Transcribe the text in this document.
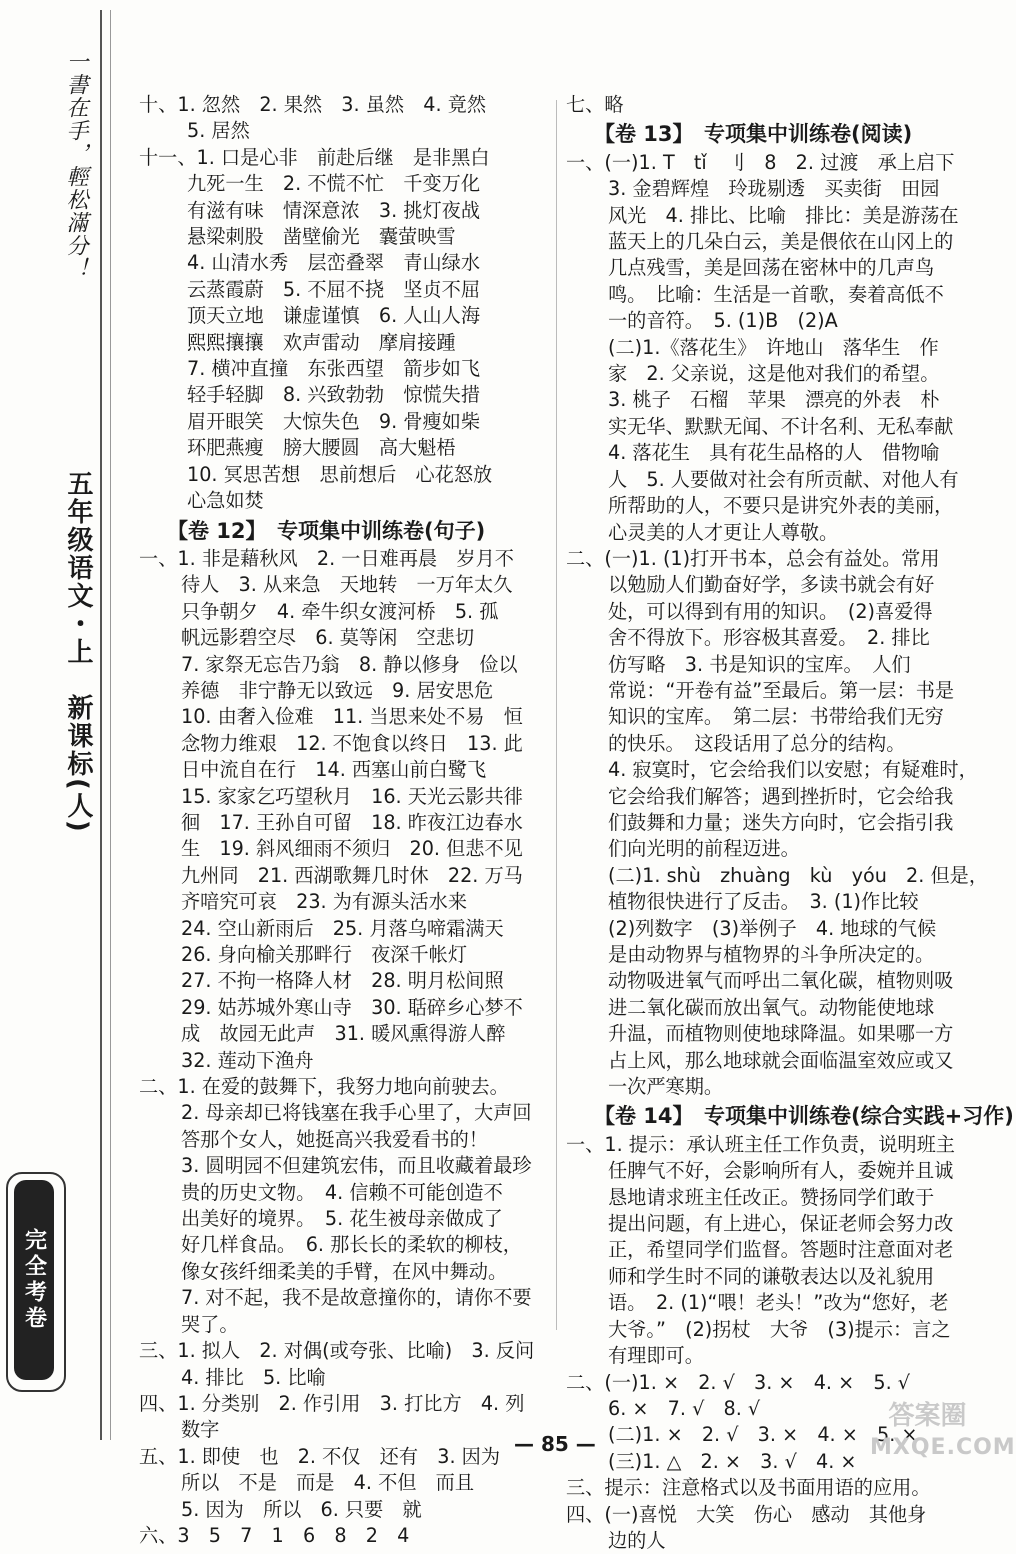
一書在手，輕松滿分！
五年级语文・上　新课标(人)
完全考卷
十、1. 忽然　2. 果然　3. 虽然　4. 竟然
5. 居然
十一、1. 口是心非　前赴后继　是非黑白
九死一生　2. 不慌不忙　千变万化
有滋有味　情深意浓　3. 挑灯夜战
悬梁刺股　凿壁偷光　囊萤映雪
4. 山清水秀　层峦叠翠　青山绿水
云蒸霞蔚　5. 不屈不挠　坚贞不屈
顶天立地　谦虚谨慎　6. 人山人海
熙熙攘攘　欢声雷动　摩肩接踵
7. 横冲直撞　东张西望　箭步如飞
轻手轻脚　8. 兴致勃勃　惊慌失措
眉开眼笑　大惊失色　9. 骨瘦如柴
环肥燕瘦　膀大腰圆　高大魁梧
10. 冥思苦想　思前想后　心花怒放
心急如焚
【卷 12】　专项集中训练卷(句子)
一、1. 非是藉秋风　2. 一日难再晨　岁月不
待人　3. 从来急　天地转　一万年太久
只争朝夕　4. 牵牛织女渡河桥　5. 孤
帆远影碧空尽　6. 莫等闲　空悲切
7. 家祭无忘告乃翁　8. 静以修身　俭以
养德　非宁静无以致远　9. 居安思危
10. 由奢入俭难　11. 当思来处不易　恒
念物力维艰　12. 不饱食以终日　13. 此
日中流自在行　14. 西塞山前白鹭飞
15. 家家乞巧望秋月　16. 天光云影共徘
徊　17. 王孙自可留　18. 昨夜江边春水
生　19. 斜风细雨不须归　20. 但悲不见
九州同　21. 西湖歌舞几时休　22. 万马
齐喑究可哀　23. 为有源头活水来
24. 空山新雨后　25. 月落乌啼霜满天
26. 身向榆关那畔行　夜深千帐灯
27. 不拘一格降人材　28. 明月松间照
29. 姑苏城外寒山寺　30. 聒碎乡心梦不
成　故园无此声　31. 暖风熏得游人醉
32. 莲动下渔舟
二、1. 在爱的鼓舞下，我努力地向前驶去。
2. 母亲却已将钱塞在我手心里了，大声回
答那个女人，她挺高兴我爱看书的！
3. 圆明园不但建筑宏伟，而且收藏着最珍
贵的历史文物。　4. 信赖不可能创造不
出美好的境界。　5. 花生被母亲做成了
好几样食品。　6. 那长长的柔软的柳枝，
像女孩纤细柔美的手臂，在风中舞动。
7. 对不起，我不是故意撞你的，请你不要
哭了。
三、1. 拟人　2. 对偶(或夸张、比喻)　3. 反问
4. 排比　5. 比喻
四、1. 分类别　2. 作引用　3. 打比方　4. 列
数字
五、1. 即使　也　2. 不仅　还有　3. 因为
所以　不是　而是　4. 不但　而且
5. 因为　所以　6. 只要　就
六、3　5　7　1　6　8　2　4
七、略
【卷 13】　专项集中训练卷(阅读)
一、(一)1. T　tǐ　刂　8　2. 过渡　承上启下
3. 金碧辉煌　玲珑剔透　买卖街　田园
风光　4. 排比、比喻　排比：美是游荡在
蓝天上的几朵白云，美是偎依在山冈上的
几点残雪，美是回荡在密林中的几声鸟
鸣。　比喻：生活是一首歌，奏着高低不
一的音符。　5. (1)B　(2)A
(二)1.《落花生》　许地山　落华生　作
家　2. 父亲说，这是他对我们的希望。
3. 桃子　石榴　苹果　漂亮的外表　朴
实无华、默默无闻、不计名利、无私奉献
4. 落花生　具有花生品格的人　借物喻
人　5. 人要做对社会有所贡献、对他人有
所帮助的人，不要只是讲究外表的美丽，
心灵美的人才更让人尊敬。
二、(一)1. (1)打开书本，总会有益处。常用
以勉励人们勤奋好学，多读书就会有好
处，可以得到有用的知识。　(2)喜爱得
舍不得放下。形容极其喜爱。　2. 排比
仿写略　3. 书是知识的宝库。　人们
常说：“开卷有益”至最后。第一层：书是
知识的宝库。　第二层：书带给我们无穷
的快乐。　这段话用了总分的结构。
4. 寂寞时，它会给我们以安慰；有疑难时，
它会给我们解答；遇到挫折时，它会给我
们鼓舞和力量；迷失方向时，它会指引我
们向光明的前程迈进。
(二)1. shù　zhuàng　kù　yóu　2. 但是，
植物很快进行了反击。　3. (1)作比较
(2)列数字　(3)举例子　4. 地球的气候
是由动物界与植物界的斗争所决定的。
动物吸进氧气而呼出二氧化碳，植物则吸
进二氧化碳而放出氧气。动物能使地球
升温，而植物则使地球降温。如果哪一方
占上风，那么地球就会面临温室效应或又
一次严寒期。
【卷 14】　专项集中训练卷(综合实践+习作)
一、1. 提示：承认班主任工作负责，说明班主
任脾气不好，会影响所有人，委婉并且诚
恳地请求班主任改正。赞扬同学们敢于
提出问题，有上进心，保证老师会努力改
正，希望同学们监督。答题时注意面对老
师和学生时不同的谦敬表达以及礼貌用
语。　2. (1)“喂！老头！”改为“您好，老
大爷。”　(2)拐杖　大爷　(3)提示：言之
有理即可。
二、(一)1. ×　2. √　3. ×　4. ×　5. √
6. ×　7. √　8. √
(二)1. ×　2. √　3. ×　4. ×　5. ×
(三)1. △　2. ×　3. √　4. ×
三、提示：注意格式以及书面用语的应用。
四、(一)喜悦　大笑　伤心　感动　其他身
边的人
— 85 —
答案圈
MXQE.COM
